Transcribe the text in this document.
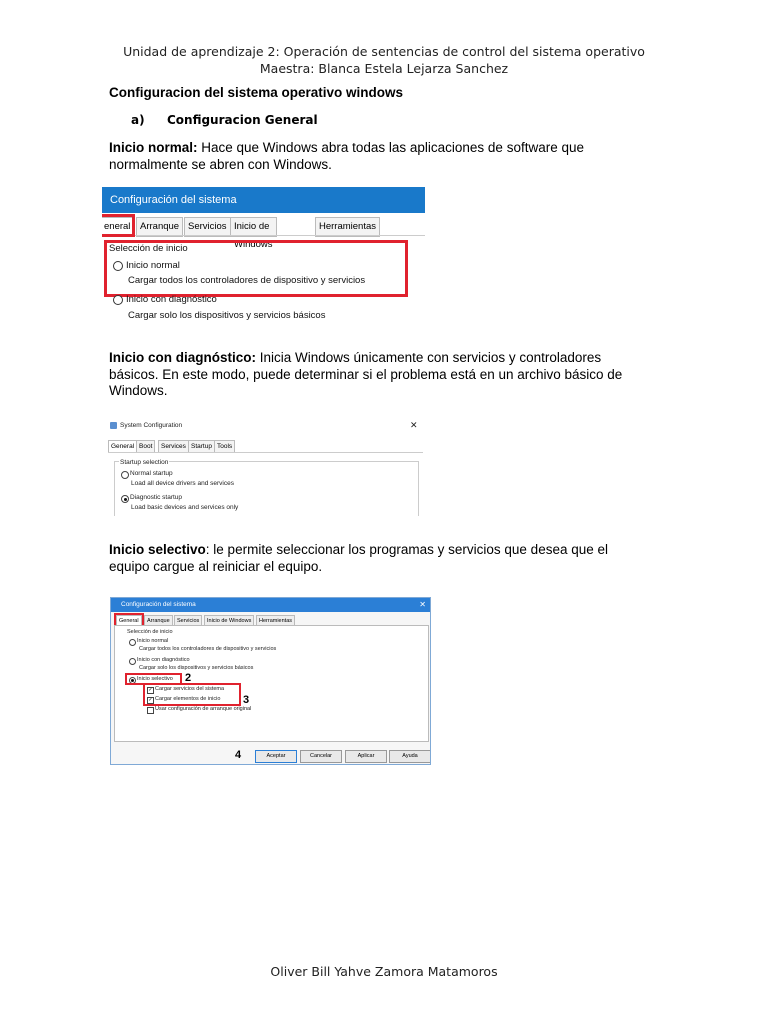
Unidad de aprendizaje 2: Operación de sentencias de control del sistema operativo
Maestra: Blanca Estela Lejarza Sanchez
Configuracion del sistema operativo windows
a) Configuracion General
Inicio normal: Hace que Windows abra todas las aplicaciones de software que
normalmente se abren con Windows.
Configuración del sistema
eneral	Arranque Servicios Inicio de Windows
Herramientas
Selección de inicio
Inicio normal
Cargar todos los controladores de dispositivo y servicios
Inicio con diagnóstico
Cargar solo los dispositivos y servicios básicos
Inicio con diagnóstico: Inicia Windows únicamente con servicios y controladores
básicos. En este modo, puede determinar si el problema está en un archivo básico de
Windows.
System Configuration	✕
General Boot	Services Startup Tools
Startup selection
Normal startup
Load all device drivers and services
Diagnostic startup
Load basic devices and services only
Inicio selectivo: le permite seleccionar los programas y servicios que desea que el
equipo cargue al reiniciar el equipo.
Configuración del sistema	✕
General	Arranque	Servicios	Inicio de Windows	Herramientas
Selección de inicio
Inicio normal
Cargar todos los controladores de dispositivo y servicios
Inicio con diagnóstico
Cargar solo los dispositivos y servicios básicos
Inicio selectivo 2
✓ Cargar servicios del sistema
✓ Cargar elementos de inicio 3
Usar configuración de arranque original
4	Aceptar	Cancelar	Aplicar	Ayuda
Oliver Bill Yahve Zamora Matamoros
